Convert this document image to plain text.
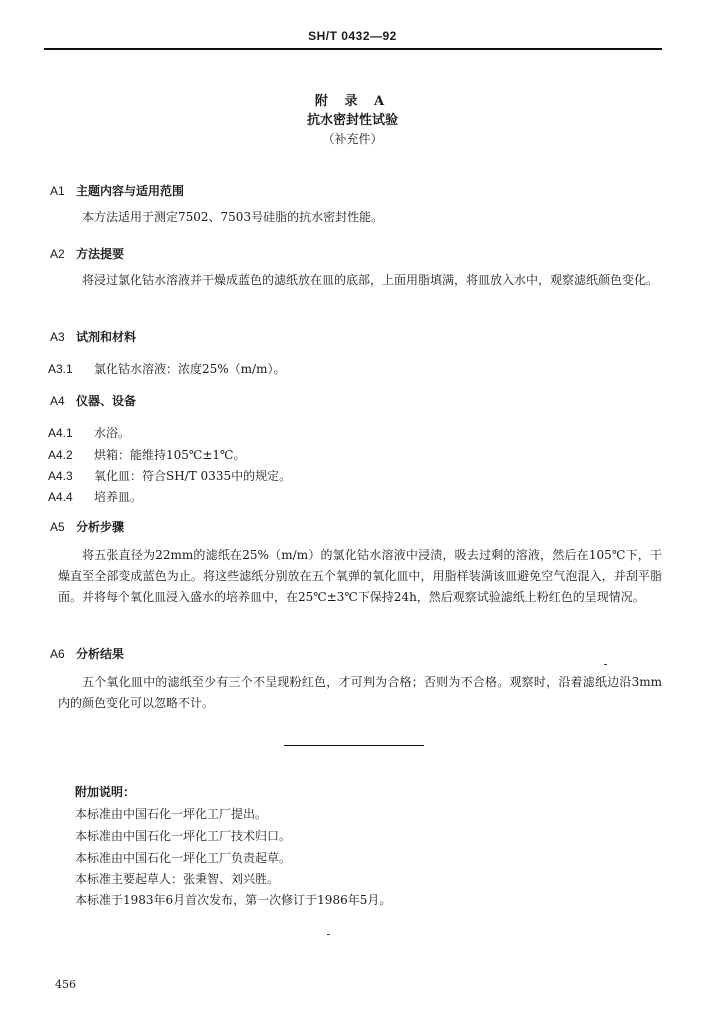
SH/T 0432—92
附 录 A
抗水密封性试验
（补充件）
A1 主题内容与适用范围
本方法适用于测定7502、7503号硅脂的抗水密封性能。
A2 方法提要
将浸过氯化钴水溶液并干燥成蓝色的滤纸放在皿的底部，上面用脂填满，将皿放入水中，观察滤纸颜色变化。
A3 试剂和材料
A3.1 氯化钴水溶液：浓度25%（m/m）。
A4 仪器、设备
A4.1 水浴。
A4.2 烘箱：能维持105℃±1℃。
A4.3 氧化皿：符合SH/T 0335中的规定。
A4.4 培养皿。
A5 分析步骤
将五张直径为22mm的滤纸在25%（m/m）的氯化钴水溶液中浸渍，吸去过剩的溶液，然后在105℃下，干燥直至全部变成蓝色为止。将这些滤纸分别放在五个氧弹的氧化皿中，用脂样装满该皿避免空气泡混入，并刮平脂面。并将每个氧化皿浸入盛水的培养皿中，在25℃±3℃下保持24h，然后观察试验滤纸上粉红色的呈现情况。
A6 分析结果
五个氧化皿中的滤纸至少有三个不呈现粉红色，才可判为合格；否则为不合格。观察时，沿着滤纸边沿3mm内的颜色变化可以忽略不计。
附加说明：
本标准由中国石化一坪化工厂提出。
本标准由中国石化一坪化工厂技术归口。
本标准由中国石化一坪化工厂负责起草。
本标准主要起草人：张秉智、刘兴胜。
本标准于1983年6月首次发布，第一次修订于1986年5月。
456
